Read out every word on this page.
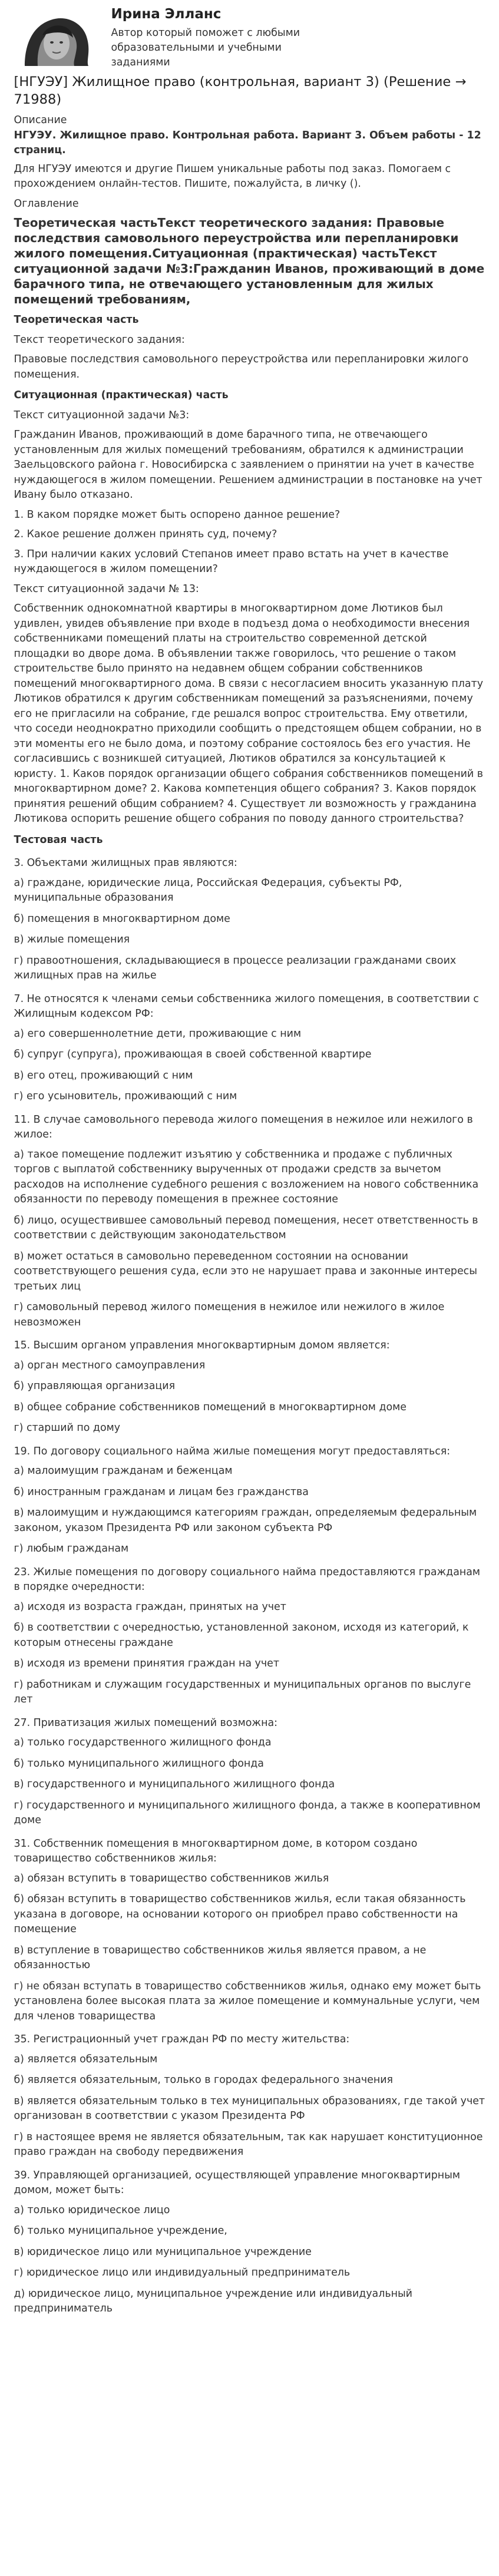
Ирина Элланс
Автор который поможет с любыми образовательными и учебными заданиями
[НГУЭУ] Жилищное право (контрольная, вариант 3) (Решение → 71988)
Описание
НГУЭУ. Жилищное право. Контрольная работа. Вариант 3. Объем работы - 12 страниц.
Для НГУЭУ имеются и другие Пишем уникальные работы под заказ. Помогаем с прохождением онлайн-тестов. Пишите, пожалуйста, в личку ().
Оглавление
Теоретическая частьТекст теоретического задания: Правовые последствия самовольного переустройства или перепланировки жилого помещения.Ситуационная (практическая) частьТекст ситуационной задачи №3:Гражданин Иванов, проживающий в доме барачного типа, не отвечающего установленным для жилых помещений требованиям,
Теоретическая часть
Текст теоретического задания:
Правовые последствия самовольного переустройства или перепланировки жилого помещения.
Ситуационная (практическая) часть
Текст ситуационной задачи №3:
Гражданин Иванов, проживающий в доме барачного типа, не отвечающего установленным для жилых помещений требованиям, обратился к администрации Заельцовского района г. Новосибирска с заявлением о принятии на учет в качестве нуждающегося в жилом помещении. Решением администрации в постановке на учет Ивану было отказано.
1. В каком порядке может быть оспорено данное решение?
2. Какое решение должен принять суд, почему?
3. При наличии каких условий Степанов имеет право встать на учет в качестве нуждающегося в жилом помещении?
Текст ситуационной задачи № 13:
Собственник однокомнатной квартиры в многоквартирном доме Лютиков был удивлен, увидев объявление при входе в подъезд дома о необходимости внесения собственниками помещений платы на строительство современной детской площадки во дворе дома. В объявлении также говорилось, что решение о таком строительстве было принято на недавнем общем собрании собственников помещений многоквартирного дома. В связи с несогласием вносить указанную плату Лютиков обратился к другим собственникам помещений за разъяснениями, почему его не пригласили на собрание, где решался вопрос строительства. Ему ответили, что соседи неоднократно приходили сообщить о предстоящем общем собрании, но в эти моменты его не было дома, и поэтому собрание состоялось без его участия. Не согласившись с возникшей ситуацией, Лютиков обратился за консультацией к юристу. 1. Каков порядок организации общего собрания собственников помещений в многоквартирном доме? 2. Какова компетенция общего собрания? 3. Каков порядок принятия решений общим собранием? 4. Существует ли возможность у гражданина Лютикова оспорить решение общего собрания по поводу данного строительства?
Тестовая часть
3. Объектами жилищных прав являются:
а) граждане, юридические лица, Российская Федерация, субъекты РФ, муниципальные образования
б) помещения в многоквартирном доме
в) жилые помещения
г) правоотношения, складывающиеся в процессе реализации гражданами своих жилищных прав на жилье
7. Не относятся к членами семьи собственника жилого помещения, в соответствии с Жилищным кодексом РФ:
а) его совершеннолетние дети, проживающие с ним
б) супруг (супруга), проживающая в своей собственной квартире
в) его отец, проживающий с ним
г) его усыновитель, проживающий с ним
11. В случае самовольного перевода жилого помещения в нежилое или нежилого в жилое:
а) такое помещение подлежит изъятию у собственника и продаже с публичных торгов с выплатой собственнику вырученных от продажи средств за вычетом расходов на исполнение судебного решения с возложением на нового собственника обязанности по переводу помещения в прежнее состояние
б) лицо, осуществившее самовольный перевод помещения, несет ответственность в соответствии с действующим законодательством
в) может остаться в самовольно переведенном состоянии на основании соответствующего решения суда, если это не нарушает права и законные интересы третьих лиц
г) самовольный перевод жилого помещения в нежилое или нежилого в жилое невозможен
15. Высшим органом управления многоквартирным домом является:
а) орган местного самоуправления
б) управляющая организация
в) общее собрание собственников помещений в многоквартирном доме
г) старший по дому
19. По договору социального найма жилые помещения могут предоставляться:
а) малоимущим гражданам и беженцам
б) иностранным гражданам и лицам без гражданства
в) малоимущим и нуждающимся категориям граждан, определяемым федеральным законом, указом Президента РФ или законом субъекта РФ
г) любым гражданам
23. Жилые помещения по договору социального найма предоставляются гражданам в порядке очередности:
а) исходя из возраста граждан, принятых на учет
б) в соответствии с очередностью, установленной законом, исходя из категорий, к которым отнесены граждане
в) исходя из времени принятия граждан на учет
г) работникам и служащим государственных и муниципальных органов по выслуге лет
27. Приватизация жилых помещений возможна:
а) только государственного жилищного фонда
б) только муниципального жилищного фонда
в) государственного и муниципального жилищного фонда
г) государственного и муниципального жилищного фонда, а также в кооперативном доме
31. Собственник помещения в многоквартирном доме, в котором создано товарищество собственников жилья:
а) обязан вступить в товарищество собственников жилья
б) обязан вступить в товарищество собственников жилья, если такая обязанность указана в договоре, на основании которого он приобрел право собственности на помещение
в) вступление в товарищество собственников жилья является правом, а не обязанностью
г) не обязан вступать в товарищество собственников жилья, однако ему может быть установлена более высокая плата за жилое помещение и коммунальные услуги, чем для членов товарищества
35. Регистрационный учет граждан РФ по месту жительства:
а) является обязательным
б) является обязательным, только в городах федерального значения
в) является обязательным только в тех муниципальных образованиях, где такой учет организован в соответствии с указом Президента РФ
г) в настоящее время не является обязательным, так как нарушает конституционное право граждан на свободу передвижения
39. Управляющей организацией, осуществляющей управление многоквартирным домом, может быть:
а) только юридическое лицо
б) только муниципальное учреждение,
в) юридическое лицо или муниципальное учреждение
г) юридическое лицо или индивидуальный предприниматель
д) юридическое лицо, муниципальное учреждение или индивидуальный предприниматель
